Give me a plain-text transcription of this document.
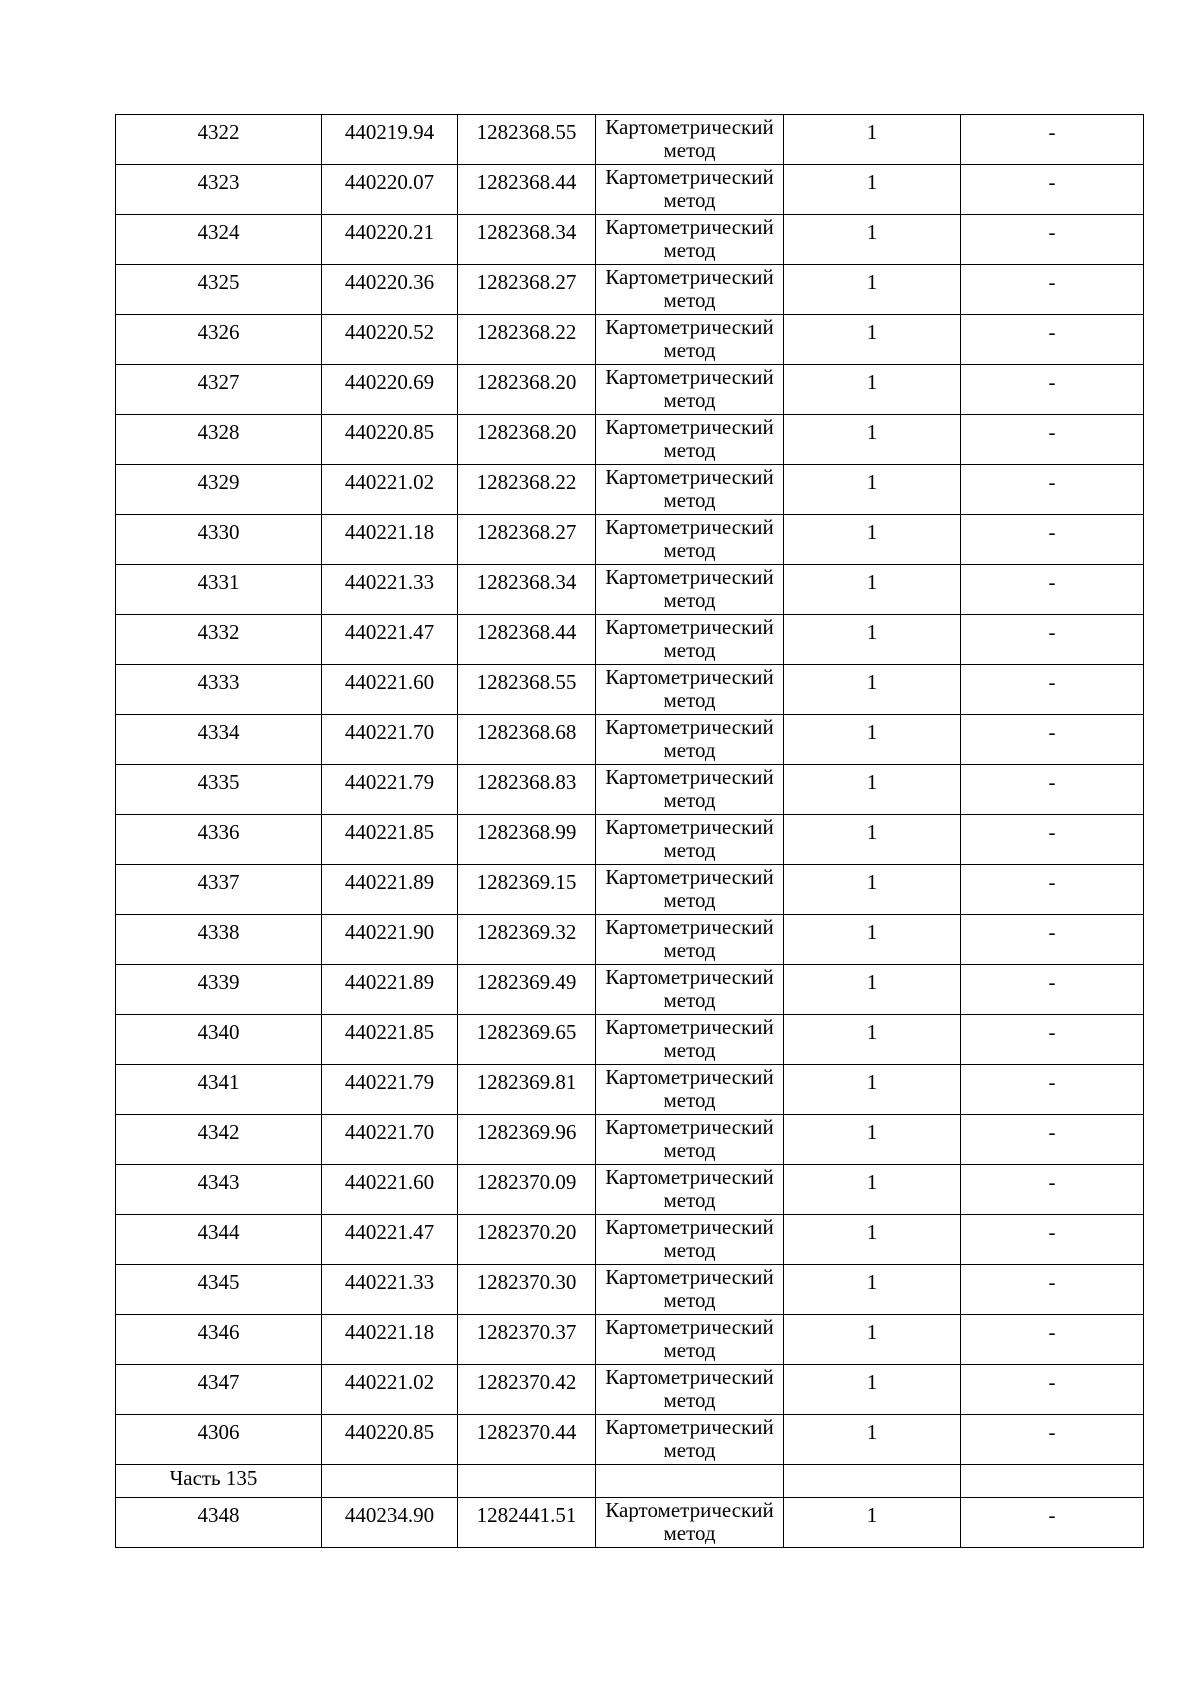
4322	440219.94	1282368.55	Картометрический метод	1	-
4323	440220.07	1282368.44	Картометрический метод	1	-
4324	440220.21	1282368.34	Картометрический метод	1	-
4325	440220.36	1282368.27	Картометрический метод	1	-
4326	440220.52	1282368.22	Картометрический метод	1	-
4327	440220.69	1282368.20	Картометрический метод	1	-
4328	440220.85	1282368.20	Картометрический метод	1	-
4329	440221.02	1282368.22	Картометрический метод	1	-
4330	440221.18	1282368.27	Картометрический метод	1	-
4331	440221.33	1282368.34	Картометрический метод	1	-
4332	440221.47	1282368.44	Картометрический метод	1	-
4333	440221.60	1282368.55	Картометрический метод	1	-
4334	440221.70	1282368.68	Картометрический метод	1	-
4335	440221.79	1282368.83	Картометрический метод	1	-
4336	440221.85	1282368.99	Картометрический метод	1	-
4337	440221.89	1282369.15	Картометрический метод	1	-
4338	440221.90	1282369.32	Картометрический метод	1	-
4339	440221.89	1282369.49	Картометрический метод	1	-
4340	440221.85	1282369.65	Картометрический метод	1	-
4341	440221.79	1282369.81	Картометрический метод	1	-
4342	440221.70	1282369.96	Картометрический метод	1	-
4343	440221.60	1282370.09	Картометрический метод	1	-
4344	440221.47	1282370.20	Картометрический метод	1	-
4345	440221.33	1282370.30	Картометрический метод	1	-
4346	440221.18	1282370.37	Картометрический метод	1	-
4347	440221.02	1282370.42	Картометрический метод	1	-
4306	440220.85	1282370.44	Картометрический метод	1	-
Часть 135					
4348	440234.90	1282441.51	Картометрический метод	1	-
